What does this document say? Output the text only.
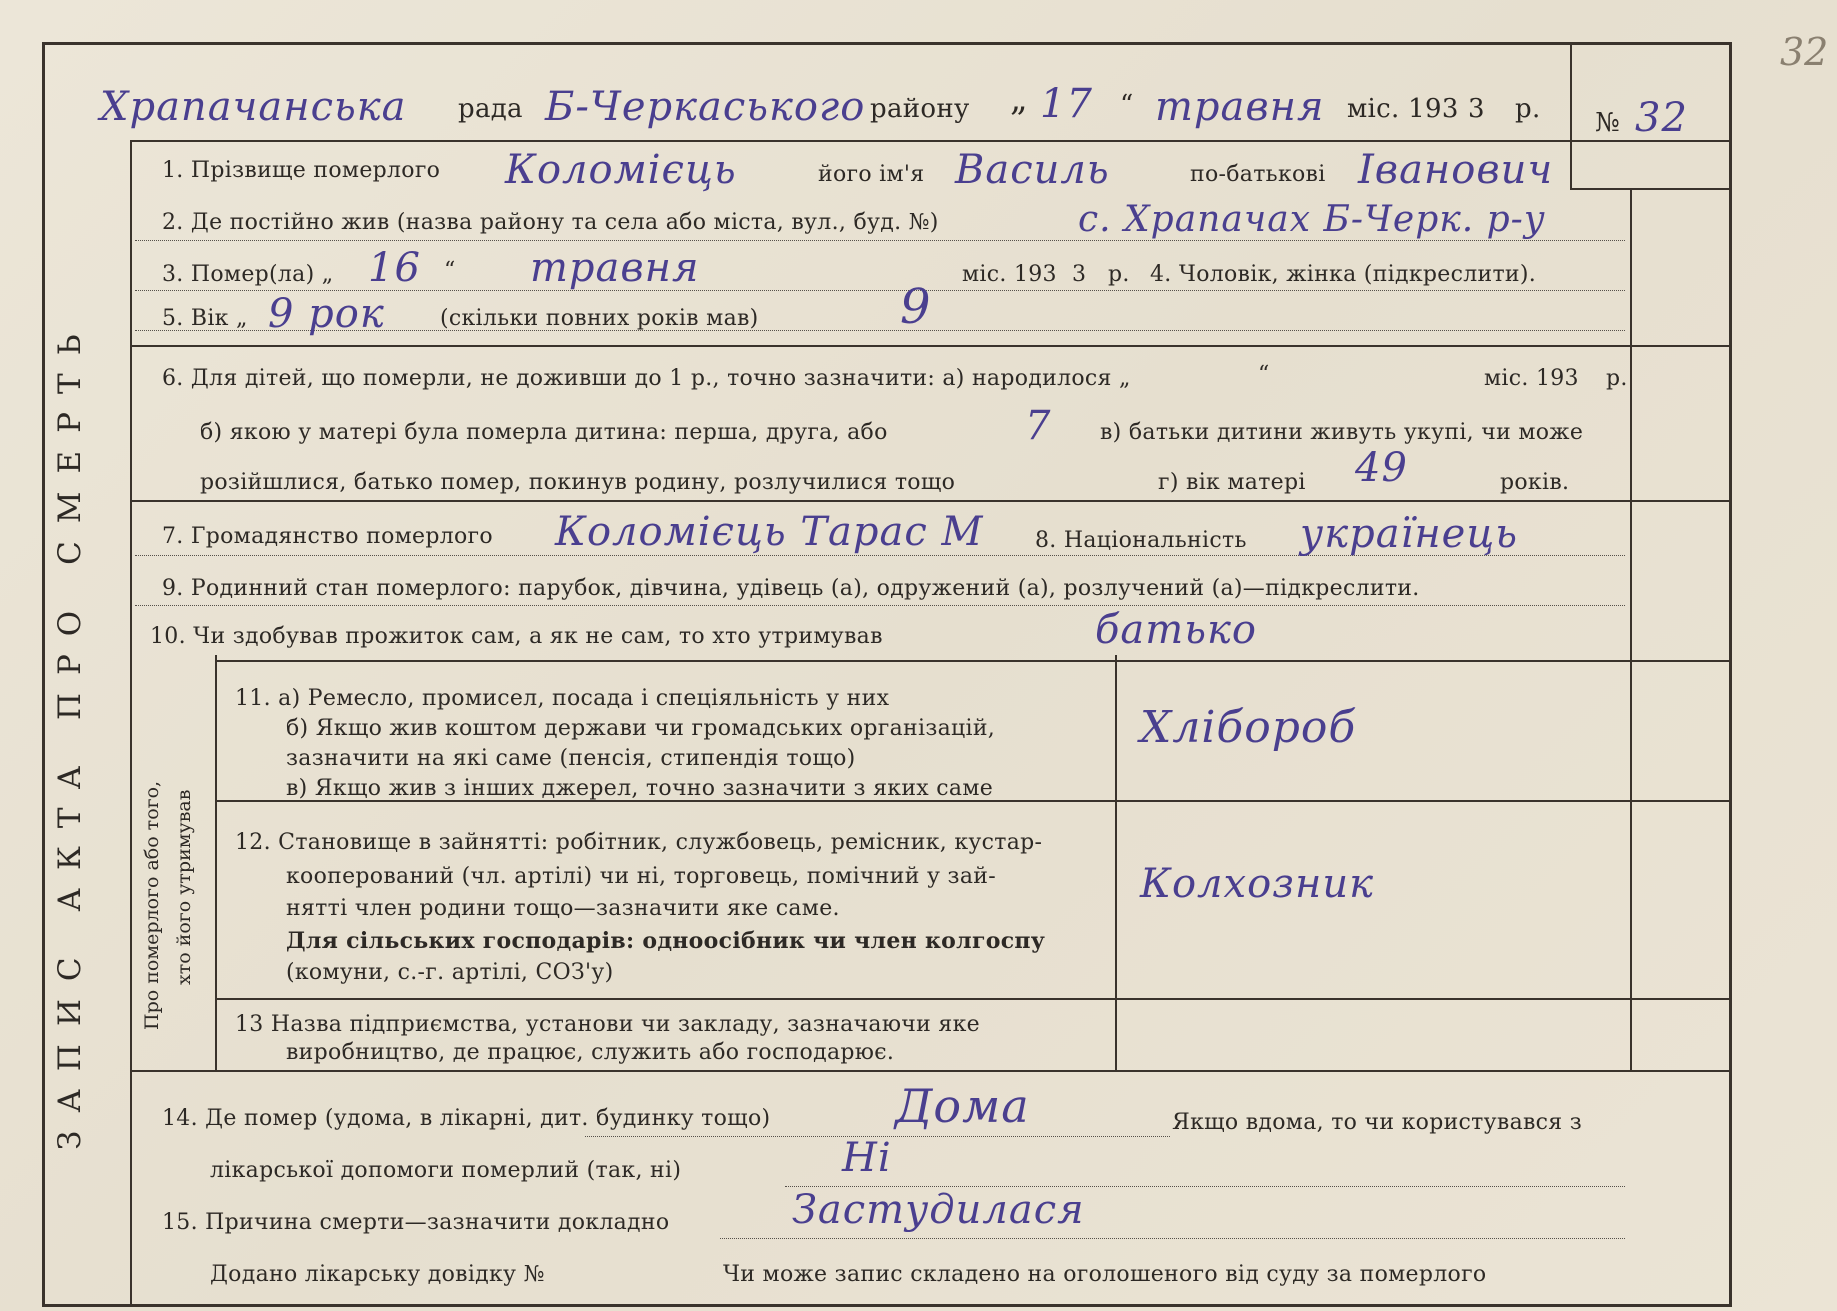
32
ЗАПИС АКТА ПРО СМЕРТЬ	Про померлого або того, хто його утримував
Храпачанська рада Б-Черкаського району „ 17 “ травня міс. 193 3 р. № 32
1. Прізвище померлого Коломієць	його ім'я Василь	по-батькові Іванович
2. Де постійно жив (назва району та села або міста, вул., буд. №)	с. Храпачах Б-Черк. р-у
3. Помер(ла) „ 16 “ травня	міс. 193 3 р. 4. Чоловік, жінка (підкреслити).
5. Вік „ 9 рок	(скільки повних років мав)	9
6. Для дітей, що померли, не доживши до 1 р., точно зазначити: а) народилося „	“	міс. 193 р.
б) якою у матері була померла дитина: перша, друга, або	7 в) батьки дитини живуть укупі, чи може
розійшлися, батько помер, покинув родину, розлучилися тощо	г) вік матері 49	років.
7. Громадянство померлого Коломієць Тарас М 8. Національність українець
9. Родинний стан померлого: парубок, дівчина, удівець (а), одружений (а), розлучений (а)—підкреслити.
10. Чи здобував прожиток сам, а як не сам, то хто утримував	батько
11. а) Ремесло, промисел, посада і спеціяльність у них
б) Якщо жив коштом держави чи громадських організацій,
зазначити на які саме (пенсія, стипендія тощо)
в) Якщо жив з інших джерел, точно зазначити з яких саме
Хлібороб
12. Становище в зайнятті: робітник, службовець, ремісник, кустар-
кооперований (чл. артілі) чи ні, торговець, помічний у зай-
нятті член родини тощо—зазначити яке саме.
Для сільських господарів: одноосібник чи член колгоспу
(комуни, с.-г. артілі, СОЗ'у)
Колхозник
13 Назва підприємства, установи чи закладу, зазначаючи яке
виробництво, де працює, служить або господарює.
14. Де помер (удома, в лікарні, дит. будинку тощо)	Дома	Якщо вдома, то чи користувався з
лікарської допомоги померлий (так, ні)	Ні
15. Причина смерти—зазначити докладно	Застудилася
Додано лікарську довідку №	Чи може запис складено на оголошеного від суду за померлого
